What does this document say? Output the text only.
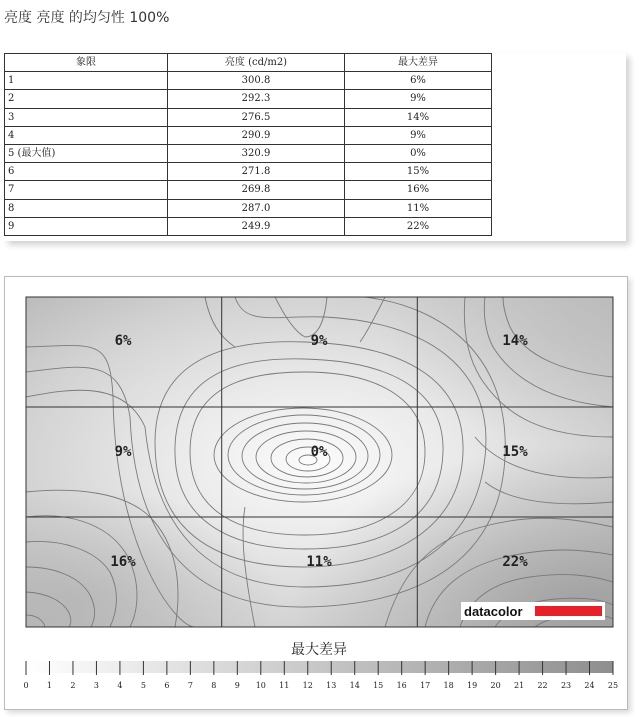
亮度 亮度 的均匀性 100%
象限	亮度 (cd/m2)	最大差异
1	300.8	6%
2	292.3	9%
3	276.5	14%
4	290.9	9%
5 (最大值)	320.9	0%
6	271.8	15%
7	269.8	16%
8	287.0	11%
9	249.9	22%
6%	9%	14%
9%	0%	15%
16%	11%	22%
datacolor
最大差异
0 1 2 3 4 5 6 7 8 9 10 11 12 13 14 15 16 17 18 19 20 21 22 23 24 25
